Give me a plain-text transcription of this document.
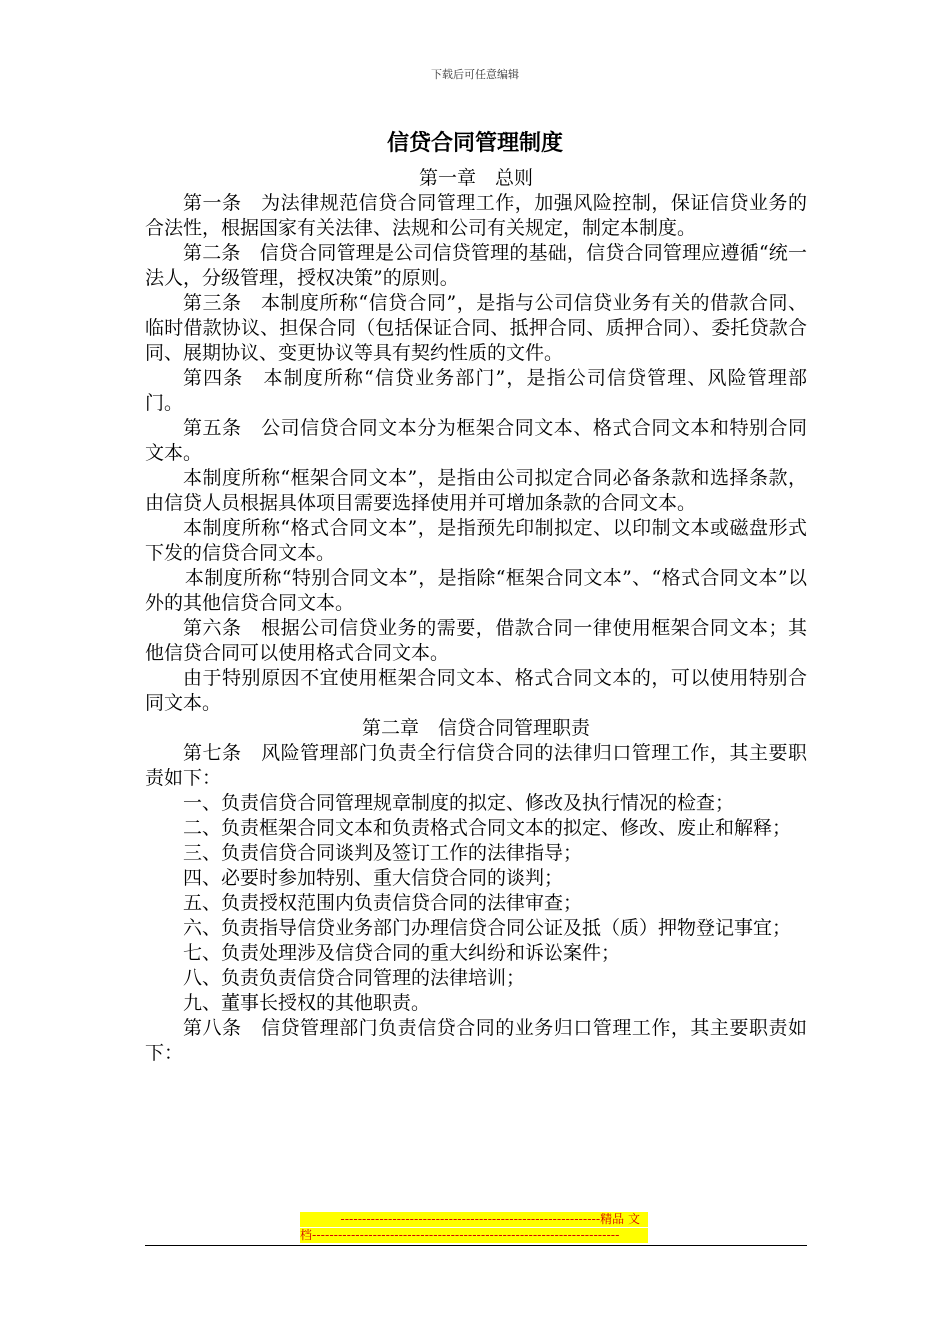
下载后可任意编辑
信贷合同管理制度

第一章　总则

第一条　为法律规范信贷合同管理工作，加强风险控制，保证信贷业务的合法性，根据国家有关法律、法规和公司有关规定，制定本制度。

第二条　信贷合同管理是公司信贷管理的基础，信贷合同管理应遵循“统一法人，分级管理，授权决策”的原则。

第三条　本制度所称“信贷合同”，是指与公司信贷业务有关的借款合同、临时借款协议、担保合同（包括保证合同、抵押合同、质押合同）、委托贷款合同、展期协议、变更协议等具有契约性质的文件。

第四条　本制度所称“信贷业务部门”，是指公司信贷管理、风险管理部门。

第五条　公司信贷合同文本分为框架合同文本、格式合同文本和特别合同文本。

本制度所称“框架合同文本”，是指由公司拟定合同必备条款和选择条款，由信贷人员根据具体项目需要选择使用并可增加条款的合同文本。

本制度所称“格式合同文本”，是指预先印制拟定、以印制文本或磁盘形式下发的信贷合同文本。

本制度所称“特别合同文本”，是指除“框架合同文本”、“格式合同文本”以外的其他信贷合同文本。

第六条　根据公司信贷业务的需要，借款合同一律使用框架合同文本；其他信贷合同可以使用格式合同文本。

由于特别原因不宜使用框架合同文本、格式合同文本的，可以使用特别合同文本。

第二章　信贷合同管理职责

第七条　风险管理部门负责全行信贷合同的法律归口管理工作，其主要职责如下：

一、负责信贷合同管理规章制度的拟定、修改及执行情况的检查；

二、负责框架合同文本和负责格式合同文本的拟定、修改、废止和解释；

三、负责信贷合同谈判及签订工作的法律指导；

四、必要时参加特别、重大信贷合同的谈判；

五、负责授权范围内负责信贷合同的法律审查；

六、负责指导信贷业务部门办理信贷合同公证及抵（质）押物登记事宜；

七、负责处理涉及信贷合同的重大纠纷和诉讼案件；

八、负责负责信贷合同管理的法律培训；

九、董事长授权的其他职责。

第八条　信贷管理部门负责信贷合同的业务归口管理工作，其主要职责如下：

------------------------------------------------------------精品 文
档-----------------------------------------------------------------------
